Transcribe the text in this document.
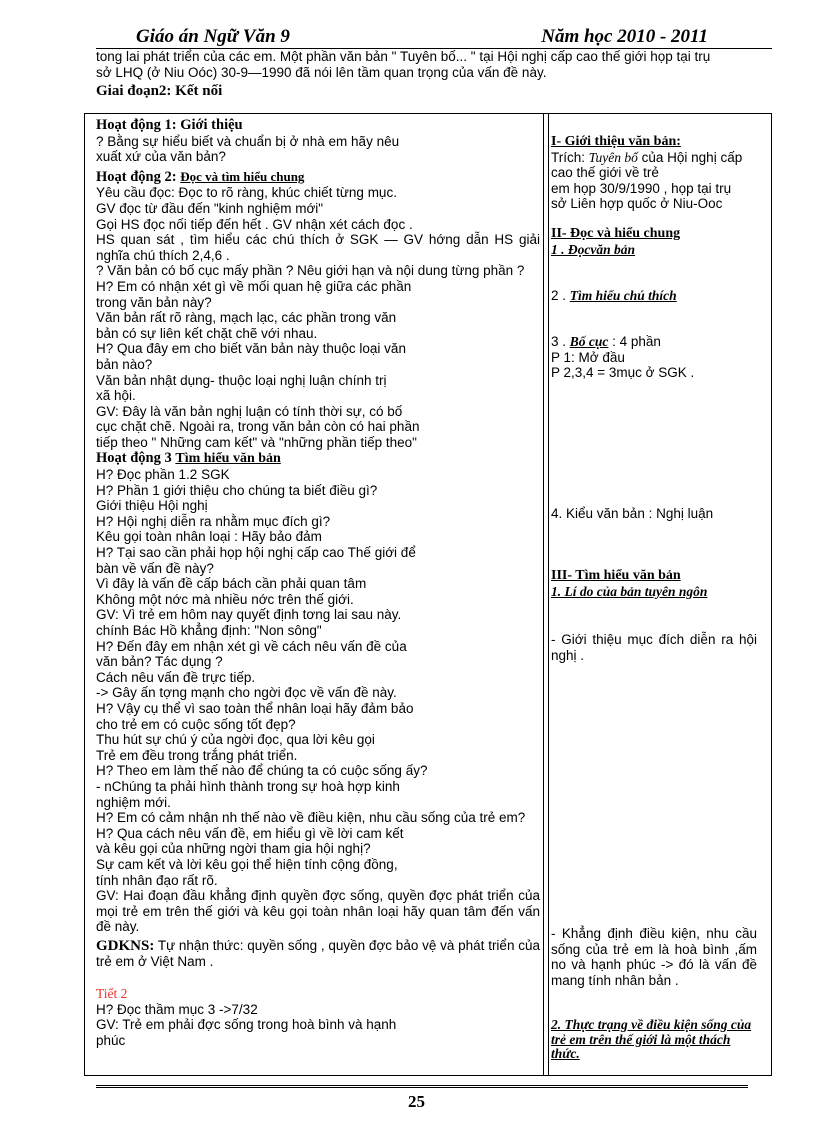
Giáo án Ngữ Văn 9	Năm học 2010 - 2011
tong lai phát triển của các em. Một phần văn bản " Tuyên bố... " tại Hội nghị cấp cao thế giới họp tại trụ
sở LHQ (ở Niu Oóc) 30-9—1990 đã nói lên tầm quan trọng của vấn đề này.
Giai đoạn2: Kết nối

Hoạt động 1: Giới thiệu

? Bằng sự hiểu biết và chuẩn bị ở nhà em hãy nêu

xuất xứ của văn bản?

Hoạt động 2: Đọc và tìm hiểu chung

Yêu cầu đọc: Đọc to rõ ràng, khúc chiết từng mục.

GV đọc từ đầu đến "kinh nghiệm mới"

Gọi HS đọc nối tiếp đến hết . GV nhận xét cách đọc .

HS quan sát , tìm hiểu các chú thích ở SGK — GV hớng dẫn HS giải nghĩa chú thích 2,4,6 .

? Văn bản có bố cục mấy phần ? Nêu giới hạn và nội dung từng phần ?

H? Em có nhận xét gì về mối quan hệ giữa các phần

trong văn bản này?

Văn bản rất rõ ràng, mạch lạc, các phần trong văn

bản có sự liên kết chặt chẽ với nhau.

H? Qua đây em cho biết văn bản này thuộc loại văn

bản nào?

Văn bản nhật dụng- thuộc loại nghị luận chính trị

xã hội.

GV: Đây là văn bản nghị luận có tính thời sự, có bố

cục chặt chẽ. Ngoài ra, trong văn bản còn có hai phần

tiếp theo " Những cam kết" và "những phần tiếp theo"

Hoạt động 3 Tìm hiểu văn bản

H? Đọc phần 1.2 SGK

H? Phần 1 giới thiệu cho chúng ta biết điều gì?

Giới thiệu Hội nghị

H? Hội nghị diễn ra nhằm mục đích gì?

Kêu gọi toàn nhân loại : Hãy bảo đảm

H? Tại sao cần phải họp hội nghị cấp cao Thế giới để

bàn về vấn đề này?

Vì đây là vấn đề cấp bách cần phải quan tâm

Không một nớc mà nhiều nớc trên thế giới.

GV: Vì trẻ em hôm nay quyết định tơng lai sau này.

chính Bác Hồ khẳng định: "Non sông"

H? Đến đây em nhận xét gì về cách nêu vấn đề của

văn bản? Tác dụng ?

Cách nêu vấn đề trực tiếp.

-> Gây ấn tợng mạnh cho ngời đọc về vấn đề này.

H? Vậy cụ thể vì sao toàn thể nhân loại hãy đảm bảo

cho trẻ em có cuộc sống tốt đẹp?

Thu hút sự chú ý của ngời đọc, qua lời kêu gọi

Trẻ em đều trong trắng phát triển.

H? Theo em làm thế nào để chúng ta có cuộc sống ấy?

- nChúng ta phải hình thành trong sự hoà hợp kinh

nghiệm mới.

H? Em có cảm nhận nh thế nào về điều kiện, nhu cầu sống của trẻ em?

H? Qua cách nêu vấn đề, em hiểu gì về lời cam kết

và kêu gọi của những ngời tham gia hội nghị?

Sự cam kết và lời kêu gọi thể hiện tính cộng đồng,

tính nhân đạo rất rõ.

GV: Hai đoạn đầu khẳng định quyền đợc sống, quyền đợc phát triển của mọi trẻ em trên thế giới và kêu gọi toàn nhân loại hãy quan tâm đến vấn đề này.

GDKNS: Tự nhận thức: quyền sống , quyền đợc bảo vệ và phát triển của trẻ em ở Việt Nam .

Tiết 2

H? Đọc thầm mục 3 ->7/32

GV: Trẻ em phải đợc sống trong hoà bình và hạnh

phúc

I- Giới thiệu văn bản:
Trích: Tuyên bố của Hội nghị cấp cao thế giới về trẻ
em họp 30/9/1990 , họp tại trụ
sở Liên hợp quốc ở Niu-Ooc
II- Đọc và hiểu chung
1 . Đọcvăn bản
2 . Tìm hiểu chú thích
3 . Bố cục : 4 phần
P 1: Mở đầu
P 2,3,4 = 3mục ở SGK .
4. Kiểu văn bản : Nghị luận
III- Tìm hiểu văn bản
1. Lí do của bản tuyên ngôn
- Giới thiệu mục đích diễn ra hội nghị .
- Khẳng định điều kiện, nhu cầu sống của trẻ em là hoà bình ,ấm no và hạnh phúc -> đó là vấn đề mang tính nhân bản .
2. Thực trạng về điều kiện sống của trẻ em trên thế giới là một thách thức.
25
